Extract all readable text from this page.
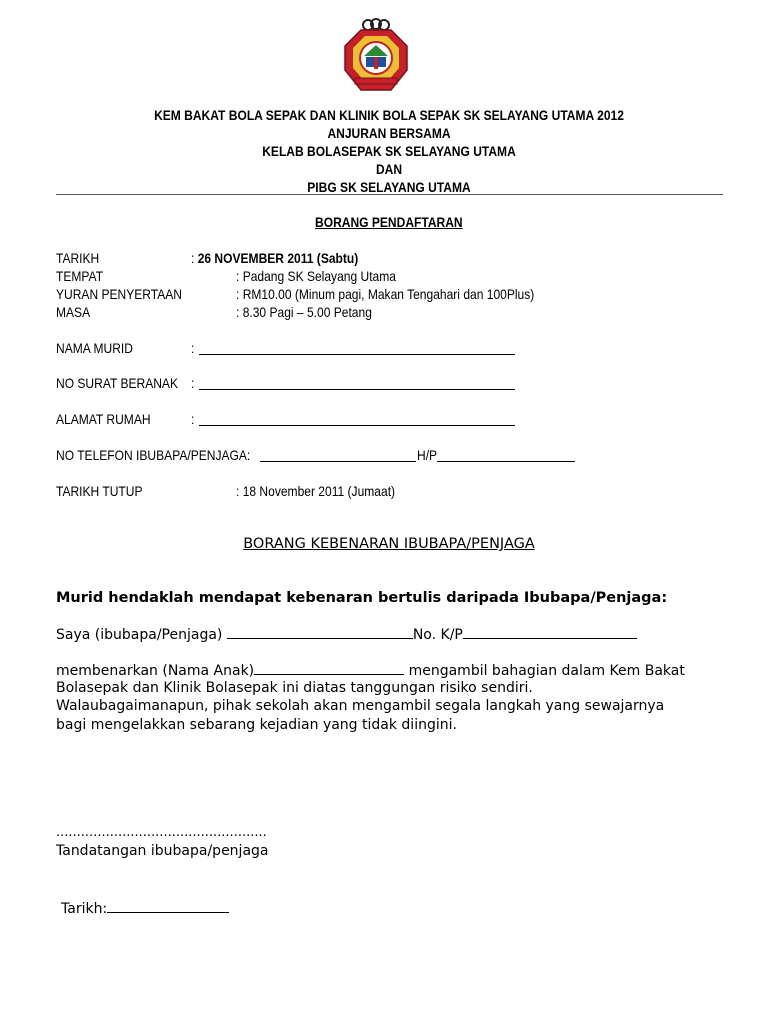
KEM BAKAT BOLA SEPAK DAN KLINIK BOLA SEPAK SK SELAYANG UTAMA 2012
ANJURAN BERSAMA
KELAB BOLASEPAK SK SELAYANG UTAMA
DAN
PIBG SK SELAYANG UTAMA
BORANG PENDAFTARAN
TARIKH	: 26 NOVEMBER 2011 (Sabtu)
TEMPAT	: Padang SK Selayang Utama
YURAN PENYERTAAN	: RM10.00 (Minum pagi, Makan Tengahari dan 100Plus)
MASA	: 8.30 Pagi – 5.00 Petang
NAMA MURID	:
NO SURAT BERANAK :
ALAMAT RUMAH	:
NO TELEFON IBUBAPA/PENJAGA:	H/P
TARIKH TUTUP	: 18 November 2011 (Jumaat)
BORANG KEBENARAN IBUBAPA/PENJAGA
Murid hendaklah mendapat kebenaran bertulis daripada Ibubapa/Penjaga:
Saya (ibubapa/Penjaga)	No. K/P
membenarkan (Nama Anak)	mengambil bahagian dalam Kem Bakat
Bolasepak dan Klinik Bolasepak ini diatas tanggungan risiko sendiri.
Walaubagaimanapun, pihak sekolah akan mengambil segala langkah yang sewajarnya
bagi mengelakkan sebarang kejadian yang tidak diingini.
...................................................
Tandatangan ibubapa/penjaga
Tarikh:
